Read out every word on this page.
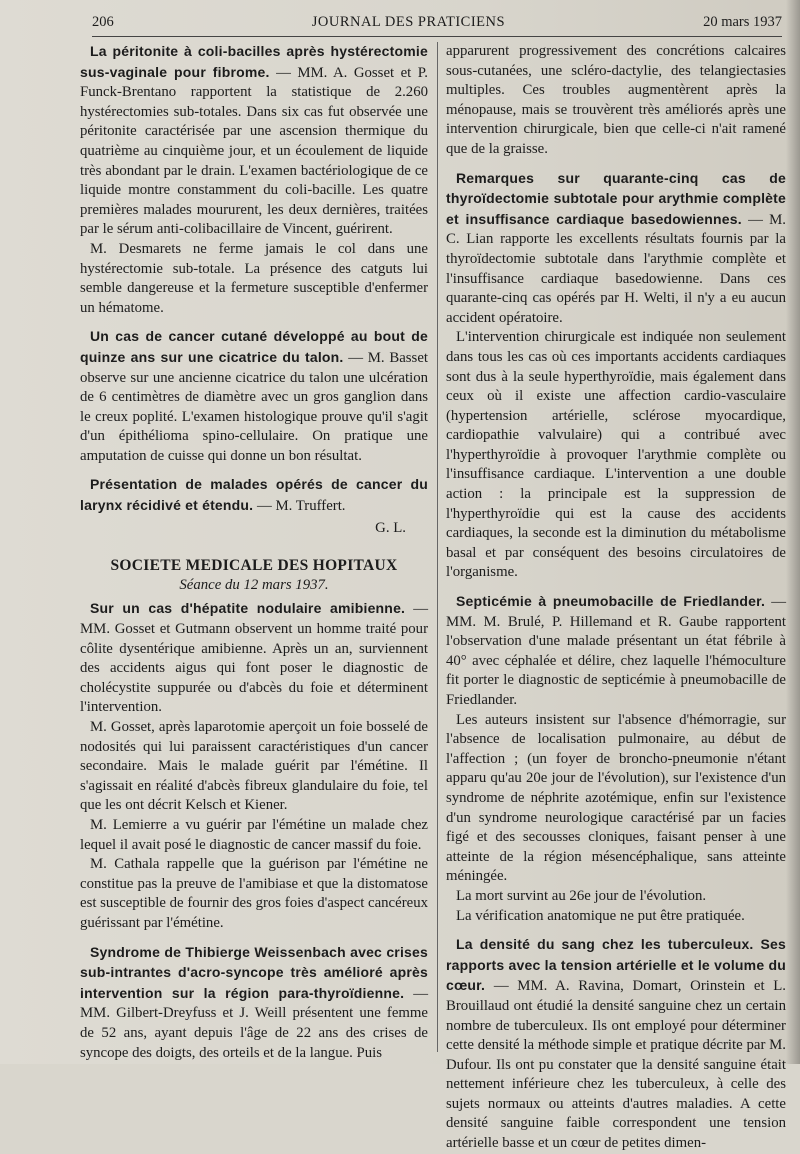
206	JOURNAL DES PRATICIENS	20 mars 1937

La péritonite à coli-bacilles après hystérectomie sus-vaginale pour fibrome. — MM. A. Gosset et P. Funck-Brentano rapportent la statistique de 2.260 hystérectomies sub-totales. Dans six cas fut observée une péritonite caractérisée par une ascension thermique du quatrième au cinquième jour, et un écoulement de liquide très abondant par le drain. L'examen bactériologique de ce liquide montre constamment du coli-bacille. Les quatre premières malades moururent, les deux dernières, traitées par le sérum anti-colibacillaire de Vincent, guérirent.

M. Desmarets ne ferme jamais le col dans une hystérectomie sub-totale. La présence des catguts lui semble dangereuse et la fermeture susceptible d'enfermer un hématome.

Un cas de cancer cutané développé au bout de quinze ans sur une cicatrice du talon. — M. Basset observe sur une ancienne cicatrice du talon une ulcération de 6 centimètres de diamètre avec un gros ganglion dans le creux poplité. L'examen histologique prouve qu'il s'agit d'un épithélioma spino-cellulaire. On pratique une amputation de cuisse qui donne un bon résultat.

Présentation de malades opérés de cancer du larynx récidivé et étendu. — M. Truffert.

G. L.

SOCIETE MEDICALE DES HOPITAUX

Séance du 12 mars 1937.

Sur un cas d'hépatite nodulaire amibienne. — MM. Gosset et Gutmann observent un homme traité pour côlite dysentérique amibienne. Après un an, surviennent des accidents aigus qui font poser le diagnostic de cholécystite suppurée ou d'abcès du foie et déterminent l'intervention.

M. Gosset, après laparotomie aperçoit un foie bosselé de nodosités qui lui paraissent caractéristiques d'un cancer secondaire. Mais le malade guérit par l'émétine. Il s'agissait en réalité d'abcès fibreux glandulaire du foie, tel que les ont décrit Kelsch et Kiener.

M. Lemierre a vu guérir par l'émétine un malade chez lequel il avait posé le diagnostic de cancer massif du foie.

M. Cathala rappelle que la guérison par l'émétine ne constitue pas la preuve de l'amibiase et que la distomatose est susceptible de fournir des gros foies d'aspect cancéreux guérissant par l'émétine.

Syndrome de Thibierge Weissenbach avec crises sub-intrantes d'acro-syncope très amélioré après intervention sur la région para-thyroïdienne. — MM. Gilbert-Dreyfuss et J. Weill présentent une femme de 52 ans, ayant depuis l'âge de 22 ans des crises de syncope des doigts, des orteils et de la langue. Puis

apparurent progressivement des concrétions calcaires sous-cutanées, une scléro-dactylie, des telangiectasies multiples. Ces troubles augmentèrent après la ménopause, mais se trouvèrent très améliorés après une intervention chirurgicale, bien que celle-ci n'ait ramené que de la graisse.

Remarques sur quarante-cinq cas de thyroïdectomie subtotale pour arythmie complète et insuffisance cardiaque basedowiennes. — M. C. Lian rapporte les excellents résultats fournis par la thyroïdectomie subtotale dans l'arythmie complète et l'insuffisance cardiaque basedowienne. Dans ces quarante-cinq cas opérés par H. Welti, il n'y a eu aucun accident opératoire.

L'intervention chirurgicale est indiquée non seulement dans tous les cas où ces importants accidents cardiaques sont dus à la seule hyperthyroïdie, mais également dans ceux où il existe une affection cardio-vasculaire (hypertension artérielle, sclérose myocardique, cardiopathie valvulaire) qui a contribué avec l'hyperthyroïdie à provoquer l'arythmie complète ou l'insuffisance cardiaque. L'intervention a une double action : la principale est la suppression de l'hyperthyroïdie qui est la cause des accidents cardiaques, la seconde est la diminution du métabolisme basal et par conséquent des besoins circulatoires de l'organisme.

Septicémie à pneumobacille de Friedlander. — MM. M. Brulé, P. Hillemand et R. Gaube rapportent l'observation d'une malade présentant un état fébrile à 40° avec céphalée et délire, chez laquelle l'hémoculture fit porter le diagnostic de septicémie à pneumobacille de Friedlander.

Les auteurs insistent sur l'absence d'hémorragie, sur l'absence de localisation pulmonaire, au début de l'affection ; (un foyer de broncho-pneumonie n'étant apparu qu'au 20e jour de l'évolution), sur l'existence d'un syndrome de néphrite azotémique, enfin sur l'existence d'un syndrome neurologique caractérisé par un facies figé et des secousses cloniques, faisant penser à une atteinte de la région mésencéphalique, sans atteinte méningée.

La mort survint au 26e jour de l'évolution.

La vérification anatomique ne put être pratiquée.

La densité du sang chez les tuberculeux. Ses rapports avec la tension artérielle et le volume du cœur. — MM. A. Ravina, Domart, Orinstein et L. Brouillaud ont étudié la densité sanguine chez un certain nombre de tuberculeux. Ils ont employé pour déterminer cette densité la méthode simple et pratique décrite par M. Dufour. Ils ont pu constater que la densité sanguine était nettement inférieure chez les tuberculeux, à celle des sujets normaux ou atteints d'autres maladies. A cette densité sanguine faible correspondent une tension artérielle basse et un cœur de petites dimen-
